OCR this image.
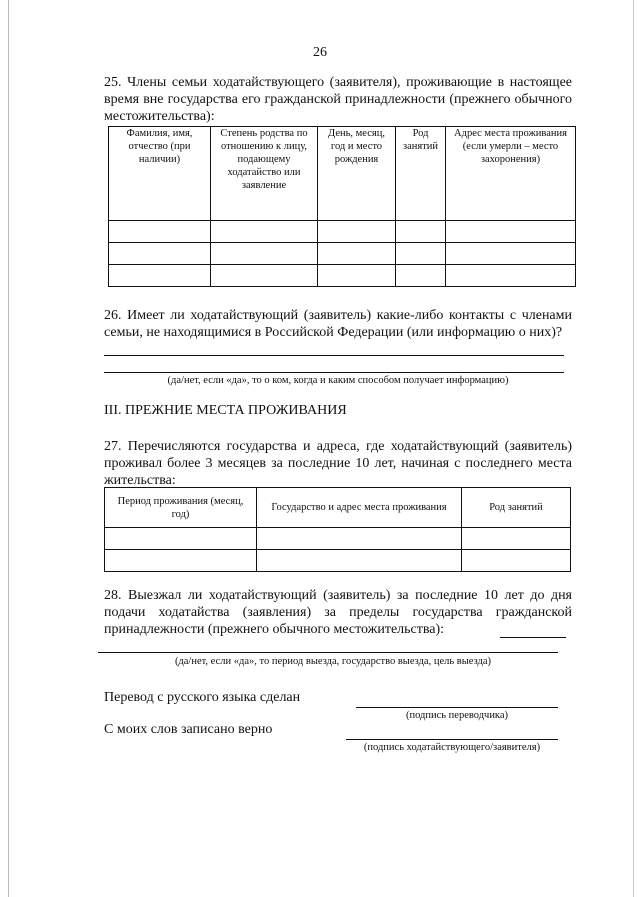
26

25. Члены семьи ходатайствующего (заявителя), проживающие в настоящее время вне государства его гражданской принадлежности (прежнего обычного местожительства):

Фамилия, имя, отчество (при наличии)	Степень родства по отношению к лицу, подающему ходатайство или заявление	День, месяц, год и место рождения	Род занятий	Адрес места проживания (если умерли – место захоронения)

26. Имеет ли ходатайствующий (заявитель) какие-либо контакты с членами семьи, не находящимися в Российской Федерации (или информацию о них)?

(да/нет, если «да», то о ком, когда и каким способом получает информацию)
III. ПРЕЖНИЕ МЕСТА ПРОЖИВАНИЯ

27. Перечисляются государства и адреса, где ходатайствующий (заявитель) проживал более 3 месяцев за последние 10 лет, начиная с последнего места жительства:

Период проживания (месяц, год)	Государство и адрес места проживания	Род занятий

28. Выезжал ли ходатайствующий (заявитель) за последние 10 лет до дня подачи ходатайства (заявления) за пределы государства гражданской принадлежности (прежнего обычного местожительства):

(да/нет, если «да», то период выезда, государство выезда, цель выезда)
Перевод с русского языка сделан
(подпись переводчика)
С моих слов записано верно
(подпись ходатайствующего/заявителя)
